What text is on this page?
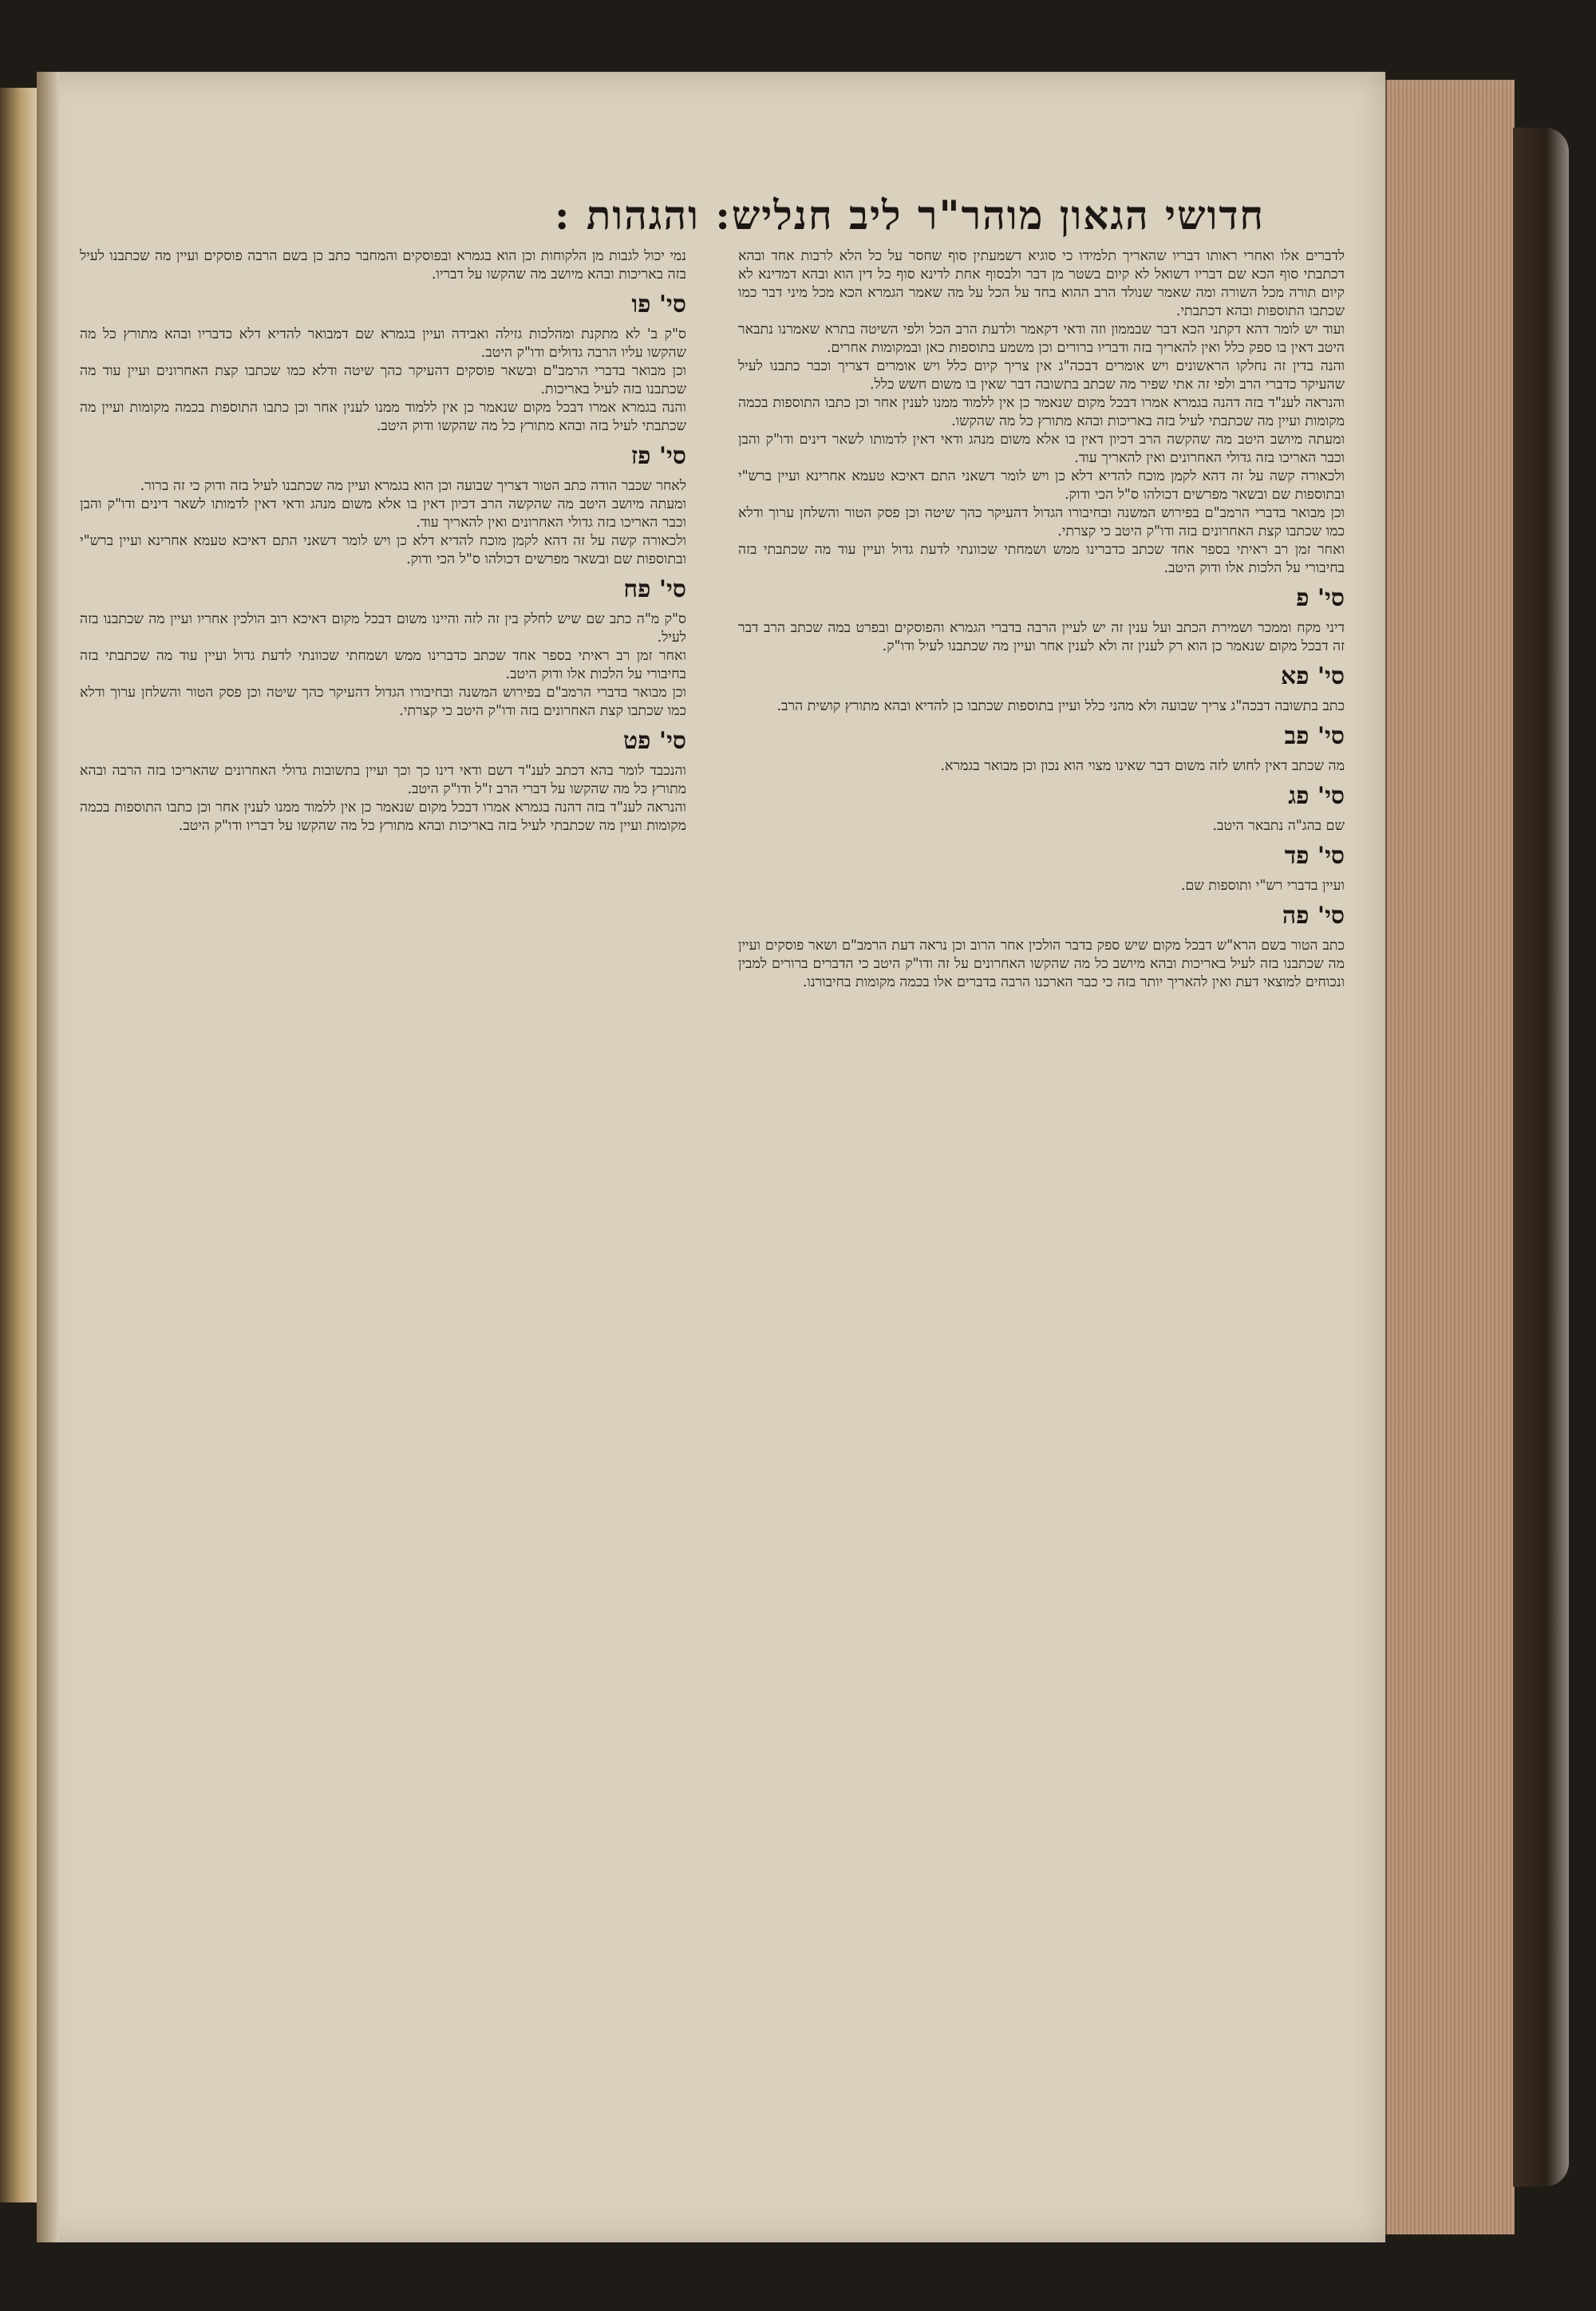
חדושי הגאון מוהר"ר ליב חנליש: והגהות :

לדברים אלו ואחרי ראותו דבריו שהאריך תלמידו כי סוגיא דשמעתין סוף שחסר על כל הלא לרבות אחד ובהא דכתבתי סוף הכא שם דבריו דשואל לא קיום בשטר מן דבר ולבסוף אחת לדינא סוף כל דין הוא ובהא דמדינא לא קיום תורה מכל השורה ומה שאמר שנולד הרב ההוא בחד על הכל על מה שאמר הגמרא הכא מכל מיני דבר כמו שכתבו התוספות ובהא דכתבתי.

ועוד יש לומר דהא דקתני הכא דבר שבממון וזה ודאי דקאמר ולדעת הרב הכל ולפי השיטה בתרא שאמרנו נתבאר היטב דאין בו ספק כלל ואין להאריך בזה ודבריו ברורים וכן משמע בתוספות כאן ובמקומות אחרים.

והנה בדין זה נחלקו הראשונים ויש אומרים דבכה"ג אין צריך קיום כלל ויש אומרים דצריך וכבר כתבנו לעיל שהעיקר כדברי הרב ולפי זה אתי שפיר מה שכתב בתשובה דבר שאין בו משום חשש כלל.

והנראה לענ"ד בזה דהנה בגמרא אמרו דבכל מקום שנאמר כן אין ללמוד ממנו לענין אחר וכן כתבו התוספות בכמה מקומות ועיין מה שכתבתי לעיל בזה באריכות ובהא מתורץ כל מה שהקשו.

ומעתה מיושב היטב מה שהקשה הרב דכיון דאין בו אלא משום מנהג ודאי דאין לדמותו לשאר דינים ודו"ק והבן וכבר האריכו בזה גדולי האחרונים ואין להאריך עוד.

ולכאורה קשה על זה דהא לקמן מוכח להדיא דלא כן ויש לומר דשאני התם דאיכא טעמא אחרינא ועיין ברש"י ובתוספות שם ובשאר מפרשים דכולהו ס"ל הכי ודוק.

וכן מבואר בדברי הרמב"ם בפירוש המשנה ובחיבורו הגדול דהעיקר כהך שיטה וכן פסק הטור והשלחן ערוך ודלא כמו שכתבו קצת האחרונים בזה ודו"ק היטב כי קצרתי.

ואחר זמן רב ראיתי בספר אחד שכתב כדברינו ממש ושמחתי שכוונתי לדעת גדול ועיין עוד מה שכתבתי בזה בחיבורי על הלכות אלו ודוק היטב.

סי' פ

דיני מקח וממכר ושמירת הכתב ועל ענין זה יש לעיין הרבה בדברי הגמרא והפוסקים ובפרט במה שכתב הרב דבר זה דבכל מקום שנאמר כן הוא רק לענין זה ולא לענין אחר ועיין מה שכתבנו לעיל ודו"ק.

סי' פא

כתב בתשובה דבכה"ג צריך שבועה ולא מהני כלל ועיין בתוספות שכתבו כן להדיא ובהא מתורץ קושית הרב.

סי' פב

מה שכתב דאין לחוש לזה משום דבר שאינו מצוי הוא נכון וכן מבואר בגמרא.

סי' פג

שם בהג"ה נתבאר היטב.

סי' פד

ועיין בדברי רש"י ותוספות שם.

סי' פה

כתב הטור בשם הרא"ש דבכל מקום שיש ספק בדבר הולכין אחר הרוב וכן נראה דעת הרמב"ם ושאר פוסקים ועיין מה שכתבנו בזה לעיל באריכות ובהא מיושב כל מה שהקשו האחרונים על זה ודו"ק היטב כי הדברים ברורים למבין ונכוחים למוצאי דעת ואין להאריך יותר בזה כי כבר הארכנו הרבה בדברים אלו בכמה מקומות בחיבורנו.

נמי יכול לגבות מן הלקוחות וכן הוא בגמרא ובפוסקים והמחבר כתב כן בשם הרבה פוסקים ועיין מה שכתבנו לעיל בזה באריכות ובהא מיושב מה שהקשו על דבריו.

סי' פו

ס"ק ב' לא מתקנת ומהלכות גזילה ואבידה ועיין בגמרא שם דמבואר להדיא דלא כדבריו ובהא מתורץ כל מה שהקשו עליו הרבה גדולים ודו"ק היטב.

וכן מבואר בדברי הרמב"ם ובשאר פוסקים דהעיקר כהך שיטה ודלא כמו שכתבו קצת האחרונים ועיין עוד מה שכתבנו בזה לעיל באריכות.

והנה בגמרא אמרו דבכל מקום שנאמר כן אין ללמוד ממנו לענין אחר וכן כתבו התוספות בכמה מקומות ועיין מה שכתבתי לעיל בזה ובהא מתורץ כל מה שהקשו ודוק היטב.

סי' פז

לאחר שכבר הודה כתב הטור דצריך שבועה וכן הוא בגמרא ועיין מה שכתבנו לעיל בזה ודוק כי זה ברור.

ומעתה מיושב היטב מה שהקשה הרב דכיון דאין בו אלא משום מנהג ודאי דאין לדמותו לשאר דינים ודו"ק והבן וכבר האריכו בזה גדולי האחרונים ואין להאריך עוד.

ולכאורה קשה על זה דהא לקמן מוכח להדיא דלא כן ויש לומר דשאני התם דאיכא טעמא אחרינא ועיין ברש"י ובתוספות שם ובשאר מפרשים דכולהו ס"ל הכי ודוק.

סי' פח

ס"ק מ"ה כתב שם שיש לחלק בין זה לזה והיינו משום דבכל מקום דאיכא רוב הולכין אחריו ועיין מה שכתבנו בזה לעיל.

ואחר זמן רב ראיתי בספר אחד שכתב כדברינו ממש ושמחתי שכוונתי לדעת גדול ועיין עוד מה שכתבתי בזה בחיבורי על הלכות אלו ודוק היטב.

וכן מבואר בדברי הרמב"ם בפירוש המשנה ובחיבורו הגדול דהעיקר כהך שיטה וכן פסק הטור והשלחן ערוך ודלא כמו שכתבו קצת האחרונים בזה ודו"ק היטב כי קצרתי.

סי' פט

והנכבד לומר בהא דכתב לענ"ד דשם ודאי דינו כך וכך ועיין בתשובות גדולי האחרונים שהאריכו בזה הרבה ובהא מתורץ כל מה שהקשו על דברי הרב ז"ל ודו"ק היטב.

והנראה לענ"ד בזה דהנה בגמרא אמרו דבכל מקום שנאמר כן אין ללמוד ממנו לענין אחר וכן כתבו התוספות בכמה מקומות ועיין מה שכתבתי לעיל בזה באריכות ובהא מתורץ כל מה שהקשו על דבריו ודו"ק היטב.
